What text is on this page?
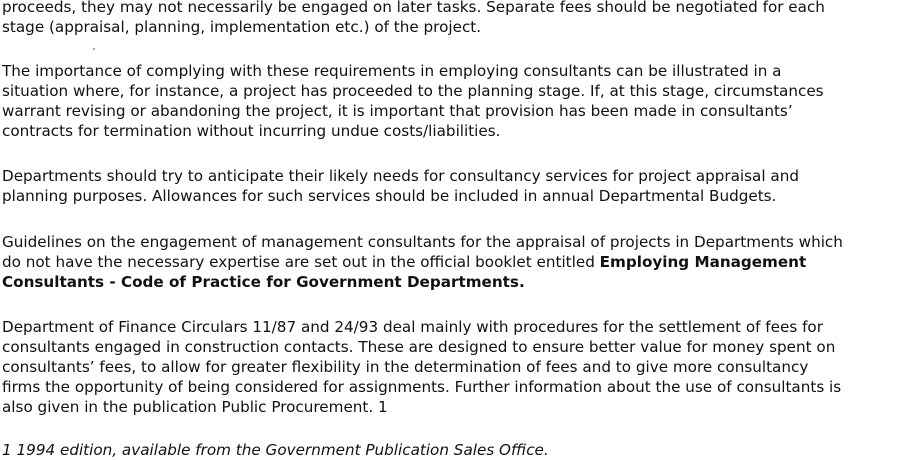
proceeds, they may not necessarily be engaged on later tasks. Separate fees should be negotiated for each
stage (appraisal, planning, implementation etc.) of the project.

The importance of complying with these requirements in employing consultants can be illustrated in a
situation where, for instance, a project has proceeded to the planning stage. If, at this stage, circumstances
warrant revising or abandoning the project, it is important that provision has been made in consultants’
contracts for termination without incurring undue costs/liabilities.

Departments should try to anticipate their likely needs for consultancy services for project appraisal and
planning purposes. Allowances for such services should be included in annual Departmental Budgets.

Guidelines on the engagement of management consultants for the appraisal of projects in Departments which
do not have the necessary expertise are set out in the official booklet entitled Employing Management
Consultants - Code of Practice for Government Departments.

Department of Finance Circulars 11/87 and 24/93 deal mainly with procedures for the settlement of fees for
consultants engaged in construction contacts. These are designed to ensure better value for money spent on
consultants’ fees, to allow for greater flexibility in the determination of fees and to give more consultancy
firms the opportunity of being considered for assignments. Further information about the use of consultants is
also given in the publication Public Procurement. 1

1 1994 edition, available from the Government Publication Sales Office.
